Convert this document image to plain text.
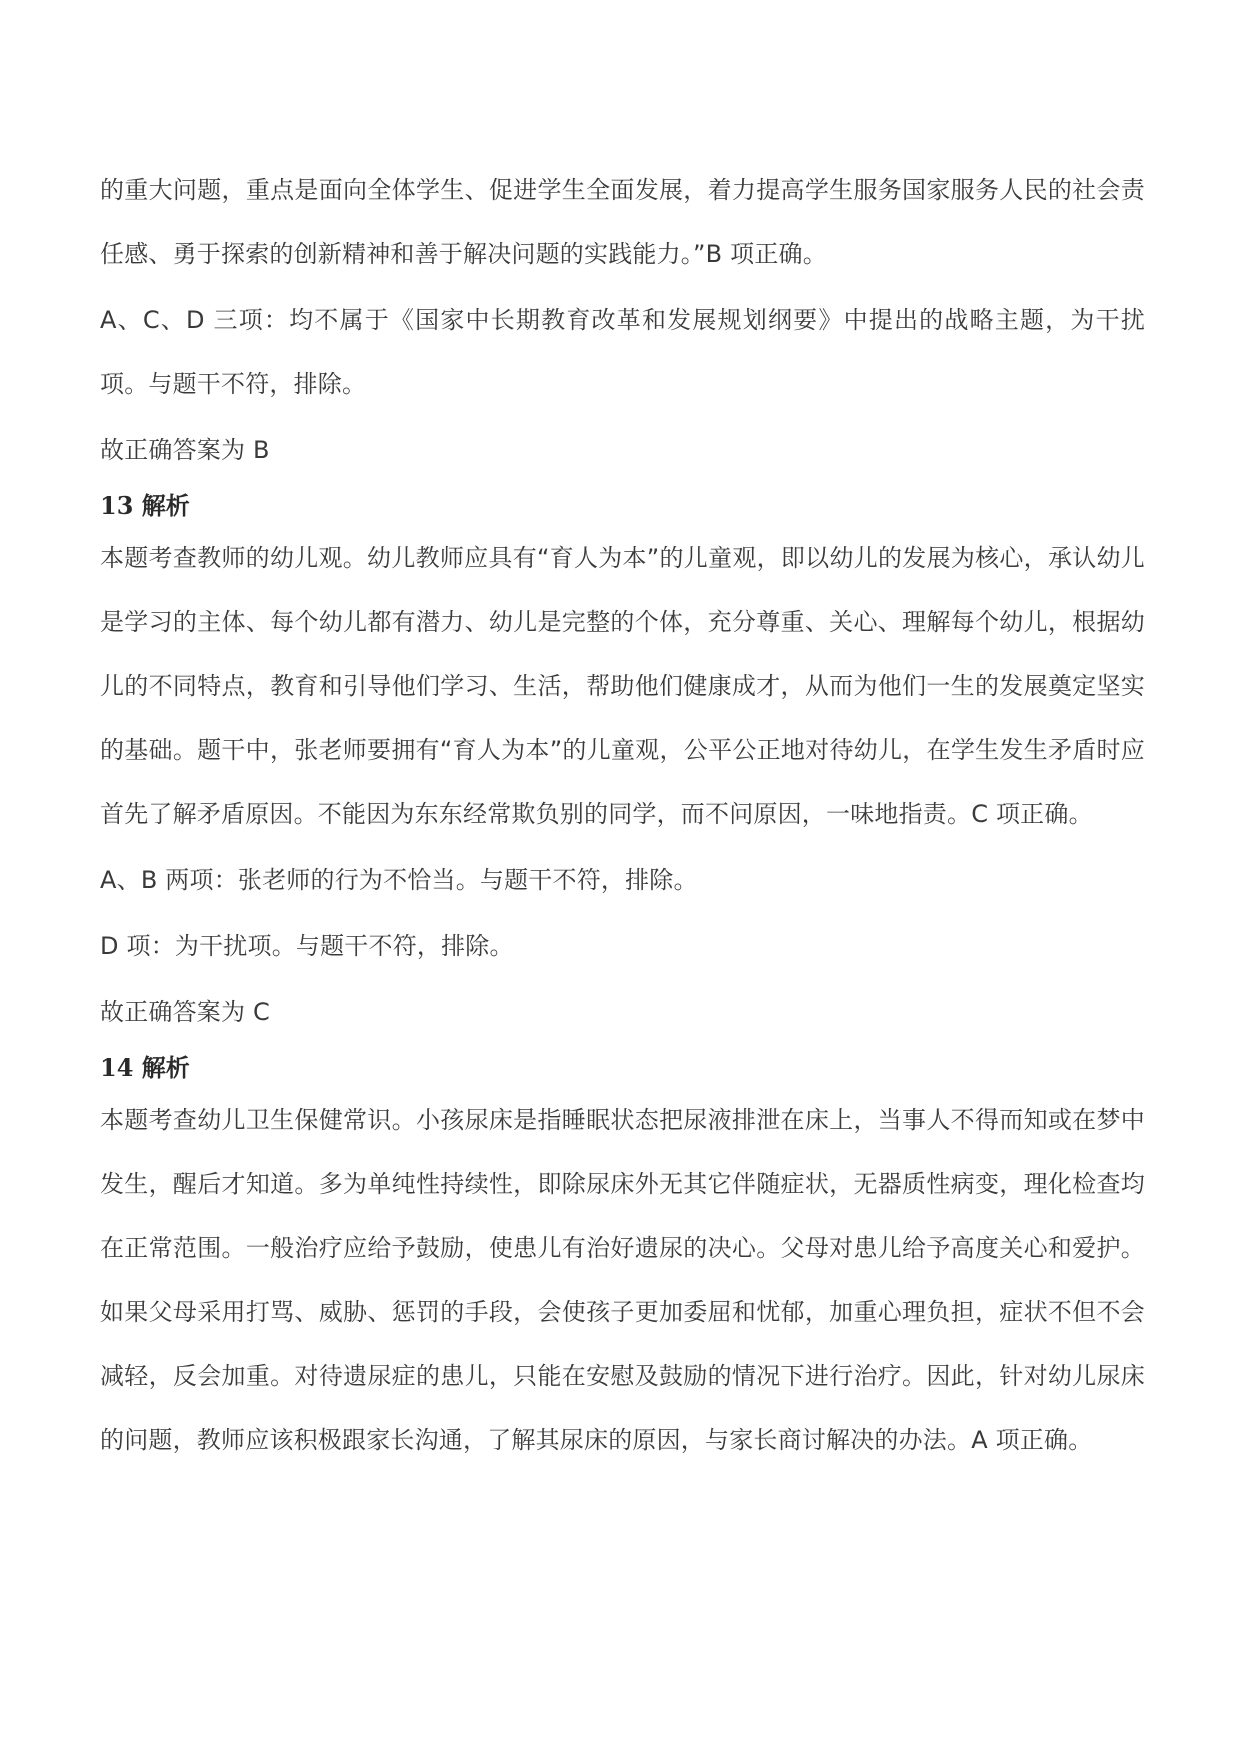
的重大问题，重点是面向全体学生、促进学生全面发展，着力提高学生服务国家服务人民的社会责任感、勇于探索的创新精神和善于解决问题的实践能力。”B 项正确。

A、C、D 三项：均不属于《国家中长期教育改革和发展规划纲要》中提出的战略主题，为干扰项。与题干不符，排除。

故正确答案为 B

13 解析

本题考查教师的幼儿观。幼儿教师应具有“育人为本”的儿童观，即以幼儿的发展为核心，承认幼儿是学习的主体、每个幼儿都有潜力、幼儿是完整的个体，充分尊重、关心、理解每个幼儿，根据幼儿的不同特点，教育和引导他们学习、生活，帮助他们健康成才，从而为他们一生的发展奠定坚实的基础。题干中，张老师要拥有“育人为本”的儿童观，公平公正地对待幼儿，在学生发生矛盾时应首先了解矛盾原因。不能因为东东经常欺负别的同学，而不问原因，一味地指责。C 项正确。

A、B 两项：张老师的行为不恰当。与题干不符，排除。

D 项：为干扰项。与题干不符，排除。

故正确答案为 C

14 解析

本题考查幼儿卫生保健常识。小孩尿床是指睡眠状态把尿液排泄在床上，当事人不得而知或在梦中发生，醒后才知道。多为单纯性持续性，即除尿床外无其它伴随症状，无器质性病变，理化检查均在正常范围。一般治疗应给予鼓励，使患儿有治好遗尿的决心。父母对患儿给予高度关心和爱护。如果父母采用打骂、威胁、惩罚的手段，会使孩子更加委屈和忧郁，加重心理负担，症状不但不会减轻，反会加重。对待遗尿症的患儿，只能在安慰及鼓励的情况下进行治疗。因此，针对幼儿尿床的问题，教师应该积极跟家长沟通，了解其尿床的原因，与家长商讨解决的办法。A 项正确。
